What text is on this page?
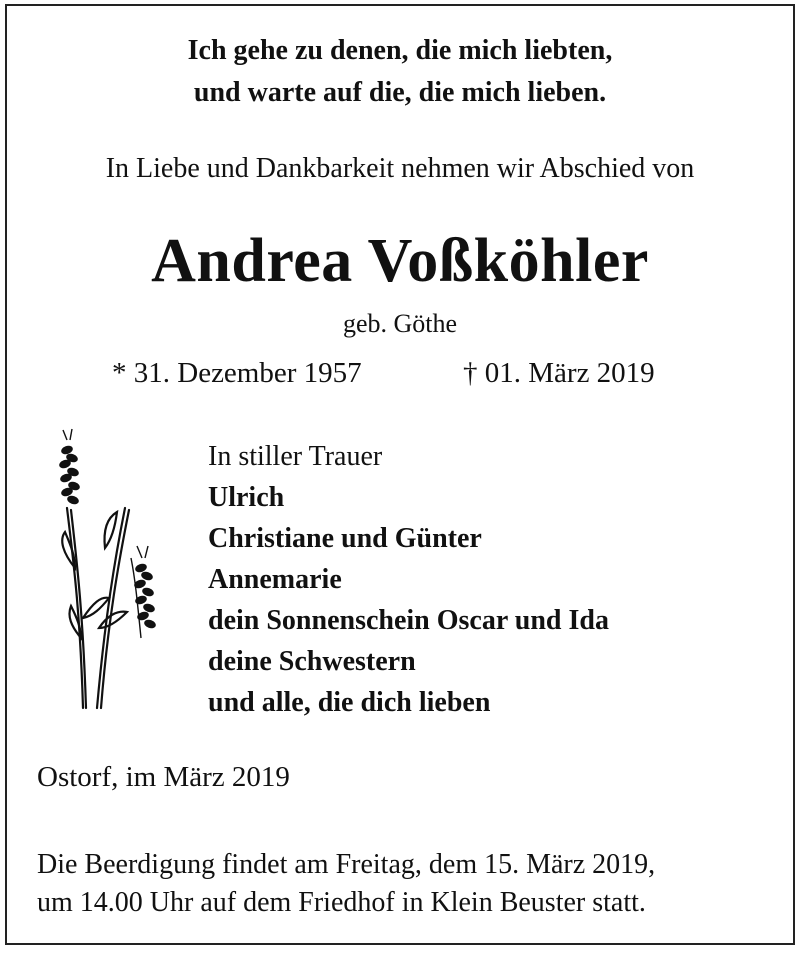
Ich gehe zu denen, die mich liebten,
und warte auf die, die mich lieben.
In Liebe und Dankbarkeit nehmen wir Abschied von
Andrea Voßköhler
geb. Göthe
* 31. Dezember 1957	† 01. März 2019
In stiller Trauer
Ulrich
Christiane und Günter
Annemarie
dein Sonnenschein Oscar und Ida
deine Schwestern
und alle, die dich lieben
Ostorf, im März 2019
Die Beerdigung findet am Freitag, dem 15. März 2019,
um 14.00 Uhr auf dem Friedhof in Klein Beuster statt.
